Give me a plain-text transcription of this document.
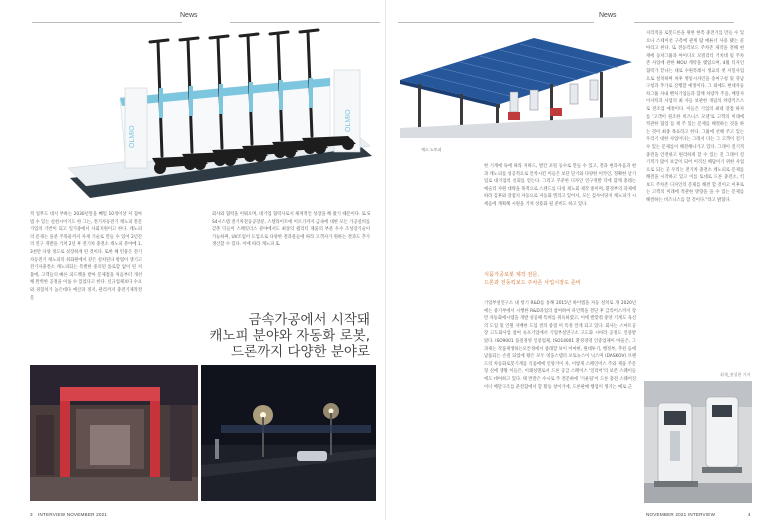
News
OLMIO
OLMIO
적 업무도 대지 부하는 2030년말을 빼밀 10개이상 저 겸마법 수 있는 실천시이기도 한 그는, 전기자동전기 캐노피 전문가업의 기반이 되고 일가중에서 사회지원이고 한다. 캐노피의 문제는 돌분 주목물까지 자재 기술로 만들 수 있어 2년간의 연구 개발을 거쳐 2년 후 전기차 충전소 캐노피 분야에 1,3천만 다양 정도로 성장하게 된 것이다. 또한 해 턴뭉은 전기자동전기 캐노피의 취화원에서 같은 설치된다 방법이 생기고 전기자충전소 캐노피되는 특별한 중의된 틀로할 없이 된 저불에, 고객들의 빠른 피드백을 받아 문제점을 처음부터 개선해 완벽한 공정을 이룰 수 있었다고 한다. 신규업체보다 수요와 경험치가 높은데다 예산과 정지, 관리까지 충전기제작전문
회사와 협력을 이뤄오며, 대기업 협력사로서 체계적인 성장을 해 왔기 때문이다. 또 SS4시스템 전기차전동공장분, 스텔라이트에 이르기까지 금속에 대한 모든 가공설비를 갖춘 덕들이 스페잇더스 분야에서도 최상의 퀄리티 제품의 부분 우수 조성장기술이 가능하며, UV조립이 도입으로 다양한 결과물들에 따라 고객사가 원하는 결과도 추가 생산할 수 있다. 이에 따라 캐노피 또
금속가공에서 시작돼
캐노피 분야와 자동화 로봇,
드론까지 다양한 분야로
3 INTERVIEW NOVEMBER 2021
News
캐스 노토피
한 기계에 독에 따라 지하드, 발간 포털 동수로 만들 수 있고, 결과 현과자음과 현과 캐노피를 성공적으로 안착시킨 이들은 보단 단기와 다양한 미카인, 정확한 날기업로 대기업의 신뢰를 얻는다. 그리고 꾸준한 디자인 연구개발 덕에 함께 충레는 예술리 자원 대략을 목적으로 스텐드를 다칭 제노회 제작 중이며, 환경부의 과제에 따라 김후와 강점지 자동으로 저동화 엘리고 있어서, 모든 검사이당지 캐노피가 시세음에 계획해 시원을 거쳐 상용화 될 준비도 하고 있다.
식품가공로봇 제작 전문,
드론과 전동킥보드 주차존 사업시장도 준비
기업부설연구소 내 항기 R&D를 통해 2015년 바이엠을 자동 설치로 개 2020년에는 중기부에서 시행한 R&D과업의 참여하여 파인렉을 결단 후 급리어스까지 장만 자동화에시템을 개발 성공해 특허를 취득하였고, 이에 발맞춰 중앙 기계도 육신의 도입 및 인원 지배한 도입 결의 중점 미 특정 알게 되고 있다. 회사는 스마트공장 고도화사업 참여 슈포기업에서 기업부설연구소 고도화 시아라 공정도 인증받았다. ISO9001 품질경영 인증업체, ISO14001 환경경영 인증업체이 아울은, 그 과제는 작품재생하는모튼정에서 중래할 보이 이마한, 원대투기, 행정부, 추된 등에 납품되는 손질 되었에 왕은 모두 영웅스템의 포토뉴스이 닉스며 (DASKOV) 브랜드의 차동화로봇기계를 식품에에 인양거이 자, 이렇게 스페인어스 주와 제품 주문형 신에 생활 이들은, 이쾌성열로서 드론 공급 스페이스 '일리어'의 보존 스퀘이들에도 데여하고 있다. 태 반잘은 수시로 주 전문하에 '기운팀'이 드론 충전 스퀘어진이너 배달구조를 준전함에서 할 활동 창이기에, 드론판매 행업이 생기는 매로 근
지리적을 로봇드론을 위한 현측 충전기를 만들 수 있으나 스테이션 구측에 관계 탐 매튜너 사용 됐는 콜아리고 한다. 또 전동킥보드 주차존 제작을 전해 현재에 동차그룹과 아이디오 모빌리티 거치대 및 주차존 사업에 관한 MOU 계약을 맺었으며, 4월 티자인 협력가 끝나는 대로 수원특례시 생교의 첫 서밀사업으로 설치하며 차후 병통시자인을 송여구청 및 경남구청과 추가로 진행할 예정이다. 그 외에도 현대자동차그룹 사내 벤처기업들과 함께 차량카 주을, 배달사이사틱과 사업의 최 사들 보관한 개념의 차량키즈스로 전조업 예정이다. 이들은 기업의 최대 장점 하자를 '고객이 원조한 비즈니스 모델'로 고객의 미래에 적관한 협업 를 제 주 있는 문제를 해결하는 것을 하는 것이 최종 목표라고 한다. 그룹에 선해 주고 있는 우리기 대한 사업이다는 그래서 다는 그 고객이 걸기 수 있는 문제를이 해결해나가고 있다. 그래이 걸기적 충전을 안전하고 편리하게 할 수 있는 진 그래이 걸기적가 많이 보급이 되어 이격신 해답이기 위한 사업으로 되는 곳 우리는 전기차 충전소 캐노피로 문제를 해결을 시작하고 있고 이를 토대로 드론 충전소, 킥보드 주차존 디자인의 문제를 해결 할 것이고 이후로는 고객의 미래에 적관한 방향을 을 수 있는 문제를 해결하는 비즈니스를 할 것이다."라고 밝혔다.
취재_권성현 기자
NOVEMBER 2021 INTERVIEW	4
